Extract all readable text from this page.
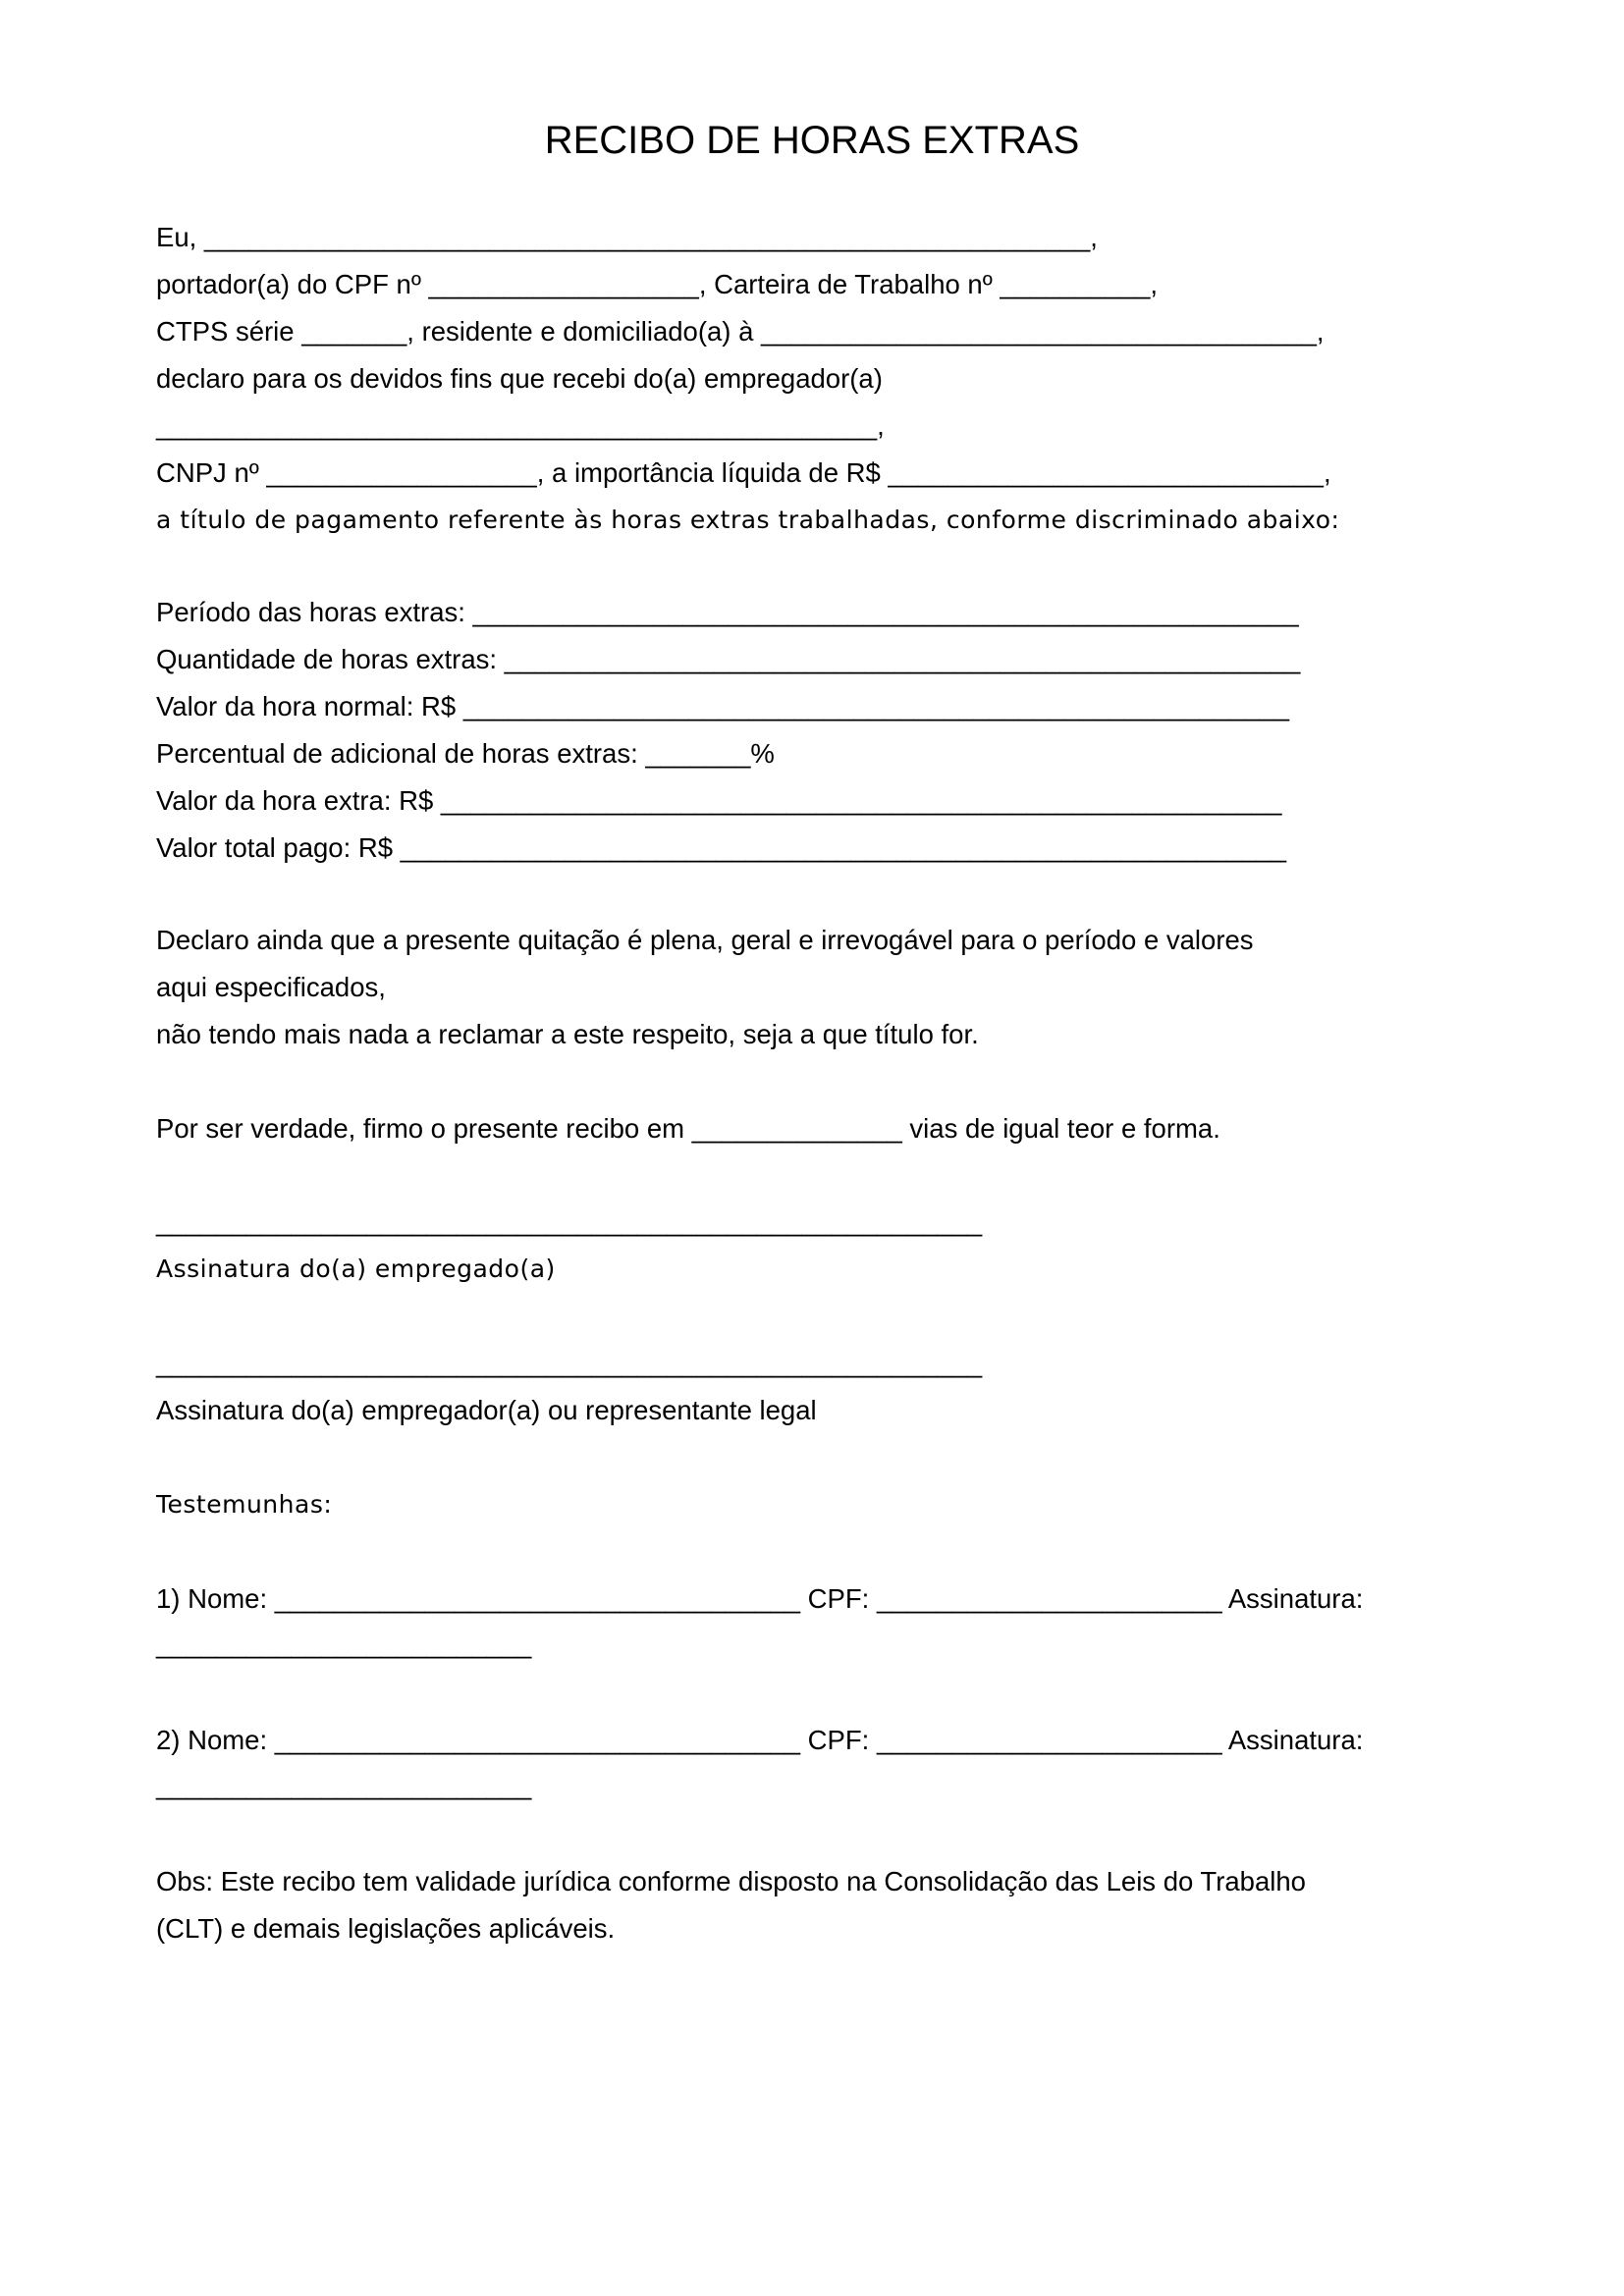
RECIBO DE HORAS EXTRAS
Eu, ___________________________________________________________,
portador(a) do CPF nº __________________, Carteira de Trabalho nº __________,
CTPS série _______, residente e domiciliado(a) à _____________________________________,
declaro para os devidos fins que recebi do(a) empregador(a)
________________________________________________,
CNPJ nº __________________, a importância líquida de R$ _____________________________,
a título de pagamento referente às horas extras trabalhadas, conforme discriminado abaixo:
Período das horas extras: _______________________________________________________
Quantidade de horas extras: _____________________________________________________
Valor da hora normal: R$ _______________________________________________________
Percentual de adicional de horas extras: _______%
Valor da hora extra: R$ ________________________________________________________
Valor total pago: R$ ___________________________________________________________
Declaro ainda que a presente quitação é plena, geral e irrevogável para o período e valores
aqui especificados,
não tendo mais nada a reclamar a este respeito, seja a que título for.
Por ser verdade, firmo o presente recibo em ______________ vias de igual teor e forma.
_______________________________________________________
Assinatura do(a) empregado(a)
_______________________________________________________
Assinatura do(a) empregador(a) ou representante legal
Testemunhas:
1) Nome: ___________________________________ CPF: _______________________ Assinatura:
_________________________
2) Nome: ___________________________________ CPF: _______________________ Assinatura:
_________________________
Obs: Este recibo tem validade jurídica conforme disposto na Consolidação das Leis do Trabalho
(CLT) e demais legislações aplicáveis.
